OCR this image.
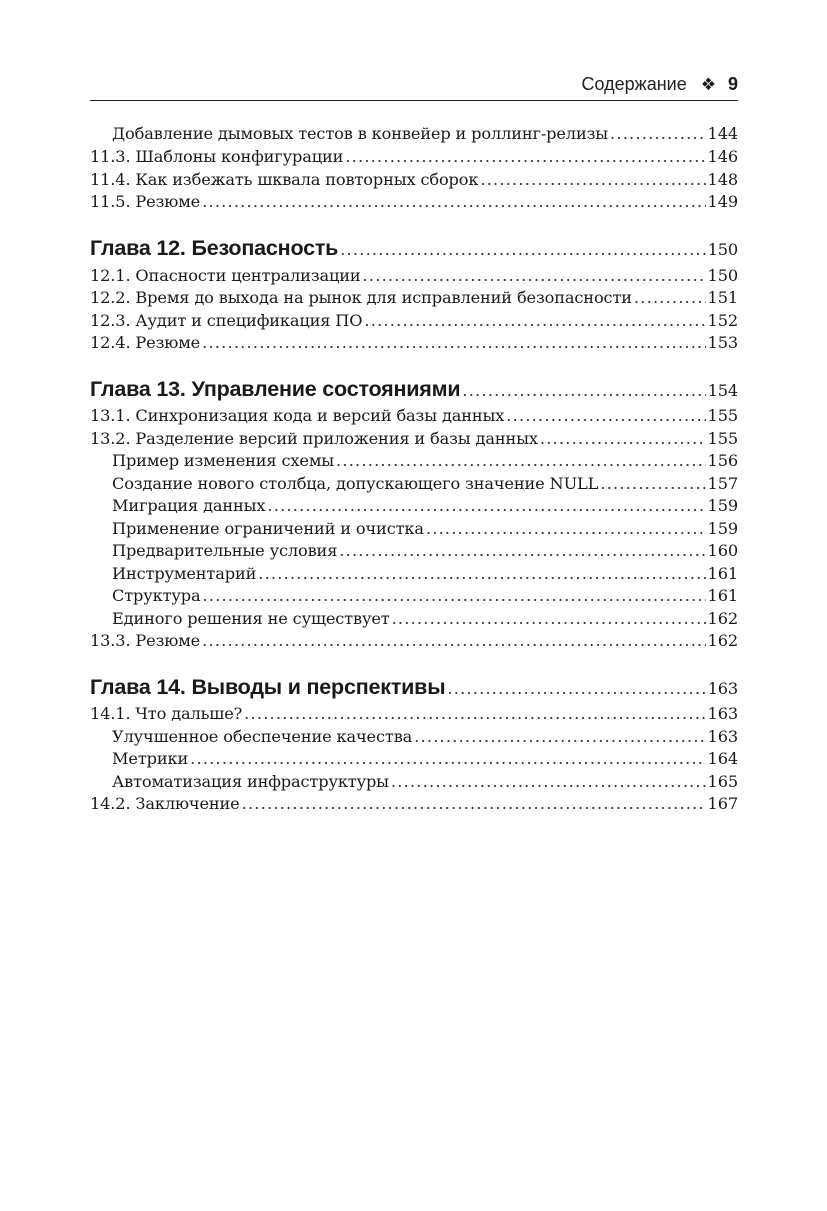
Содержание ❖ 9
Добавление дымовых тестов в конвейер и роллинг-релизы .....	144
11.3. Шаблоны конфигурации .....	146
11.4. Как избежать шквала повторных сборок .....	148
11.5. Резюме .....	149
Глава 12. Безопасность .....	150
12.1. Опасности централизации .....	150
12.2. Время до выхода на рынок для исправлений безопасности .....	151
12.3. Аудит и спецификация ПО .....	152
12.4. Резюме .....	153
Глава 13. Управление состояниями .....	154
13.1. Синхронизация кода и версий базы данных .....	155
13.2. Разделение версий приложения и базы данных .....	155
Пример изменения схемы .....	156
Создание нового столбца, допускающего значение NULL .....	157
Миграция данных .....	159
Применение ограничений и очистка .....	159
Предварительные условия .....	160
Инструментарий .....	161
Структура .....	161
Единого решения не существует .....	162
13.3. Резюме .....	162
Глава 14. Выводы и перспективы .....	163
14.1. Что дальше? .....	163
Улучшенное обеспечение качества .....	163
Метрики .....	164
Автоматизация инфраструктуры .....	165
14.2. Заключение .....	167
